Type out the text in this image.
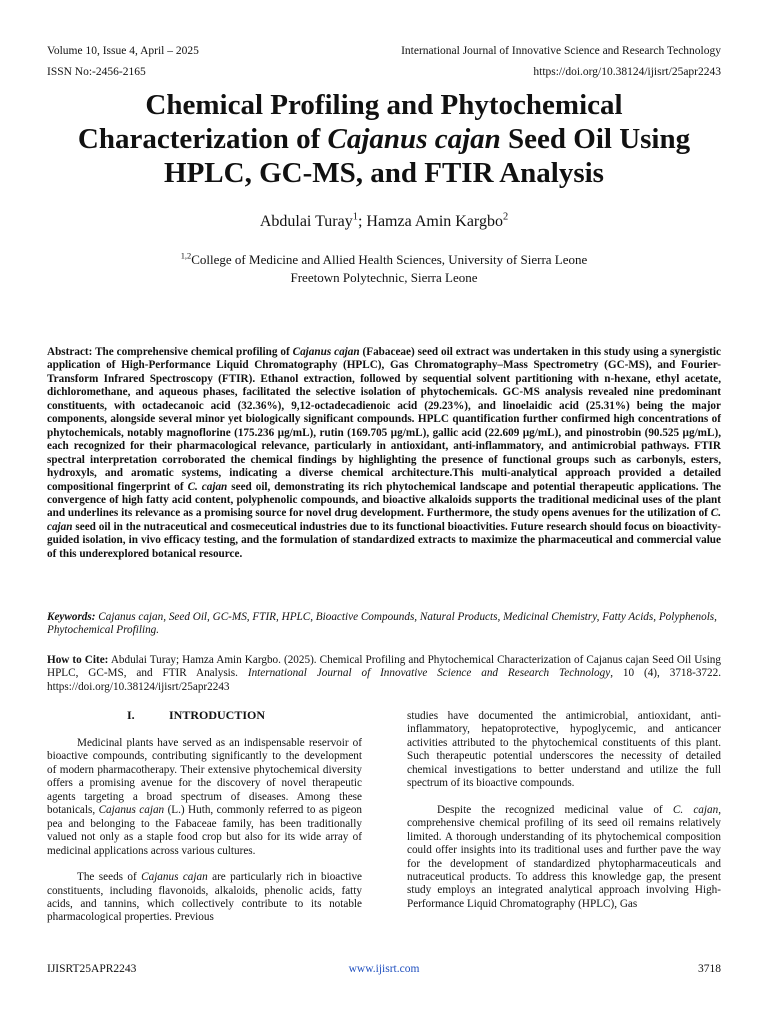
Volume 10, Issue 4, April – 2025	International Journal of Innovative Science and Research Technology
ISSN No:-2456-2165	https://doi.org/10.38124/ijisrt/25apr2243
Chemical Profiling and Phytochemical
Characterization of Cajanus cajan Seed Oil Using
HPLC, GC-MS, and FTIR Analysis
Abdulai Turay$^1$; Hamza Amin Kargbo$^2$
$^{1,2}$College of Medicine and Allied Health Sciences, University of Sierra Leone
Freetown Polytechnic, Sierra Leone
Abstract: The comprehensive chemical profiling of Cajanus cajan (Fabaceae) seed oil extract was undertaken in this study using a synergistic application of High-Performance Liquid Chromatography (HPLC), Gas Chromatography–Mass Spectrometry (GC-MS), and Fourier-Transform Infrared Spectroscopy (FTIR). Ethanol extraction, followed by sequential solvent partitioning with n-hexane, ethyl acetate, dichloromethane, and aqueous phases, facilitated the selective isolation of phytochemicals. GC-MS analysis revealed nine predominant constituents, with octadecanoic acid (32.36%), 9,12-octadecadienoic acid (29.23%), and linoelaidic acid (25.31%) being the major components, alongside several minor yet biologically significant compounds. HPLC quantification further confirmed high concentrations of phytochemicals, notably magnoflorine (175.236 µg/mL), rutin (169.705 µg/mL), gallic acid (22.609 µg/mL), and pinostrobin (90.525 µg/mL), each recognized for their pharmacological relevance, particularly in antioxidant, anti-inflammatory, and antimicrobial pathways. FTIR spectral interpretation corroborated the chemical findings by highlighting the presence of functional groups such as carbonyls, esters, hydroxyls, and aromatic systems, indicating a diverse chemical architecture.This multi-analytical approach provided a detailed compositional fingerprint of C. cajan seed oil, demonstrating its rich phytochemical landscape and potential therapeutic applications. The convergence of high fatty acid content, polyphenolic compounds, and bioactive alkaloids supports the traditional medicinal uses of the plant and underlines its relevance as a promising source for novel drug development. Furthermore, the study opens avenues for the utilization of C. cajan seed oil in the nutraceutical and cosmeceutical industries due to its functional bioactivities. Future research should focus on bioactivity-guided isolation, in vivo efficacy testing, and the formulation of standardized extracts to maximize the pharmaceutical and commercial value of this underexplored botanical resource.
Keywords: Cajanus cajan, Seed Oil, GC-MS, FTIR, HPLC, Bioactive Compounds, Natural Products, Medicinal Chemistry, Fatty Acids, Polyphenols, Phytochemical Profiling.
How to Cite: Abdulai Turay; Hamza Amin Kargbo. (2025). Chemical Profiling and Phytochemical Characterization of Cajanus cajan Seed Oil Using HPLC, GC-MS, and FTIR Analysis. International Journal of Innovative Science and Research Technology, 10 (4), 3718-3722. https://doi.org/10.38124/ijisrt/25apr2243
I.	INTRODUCTION

Medicinal plants have served as an indispensable reservoir of bioactive compounds, contributing significantly to the development of modern pharmacotherapy. Their extensive phytochemical diversity offers a promising avenue for the discovery of novel therapeutic agents targeting a broad spectrum of diseases. Among these botanicals, Cajanus cajan (L.) Huth, commonly referred to as pigeon pea and belonging to the Fabaceae family, has been traditionally valued not only as a staple food crop but also for its wide array of medicinal applications across various cultures.

The seeds of Cajanus cajan are particularly rich in bioactive constituents, including flavonoids, alkaloids, phenolic acids, fatty acids, and tannins, which collectively contribute to its notable pharmacological properties. Previous

studies have documented the antimicrobial, antioxidant, anti-inflammatory, hepatoprotective, hypoglycemic, and anticancer activities attributed to the phytochemical constituents of this plant. Such therapeutic potential underscores the necessity of detailed chemical investigations to better understand and utilize the full spectrum of its bioactive compounds.

Despite the recognized medicinal value of C. cajan, comprehensive chemical profiling of its seed oil remains relatively limited. A thorough understanding of its phytochemical composition could offer insights into its traditional uses and further pave the way for the development of standardized phytopharmaceuticals and nutraceutical products. To address this knowledge gap, the present study employs an integrated analytical approach involving High-Performance Liquid Chromatography (HPLC), Gas

IJISRT25APR2243	www.ijisrt.com	3718
